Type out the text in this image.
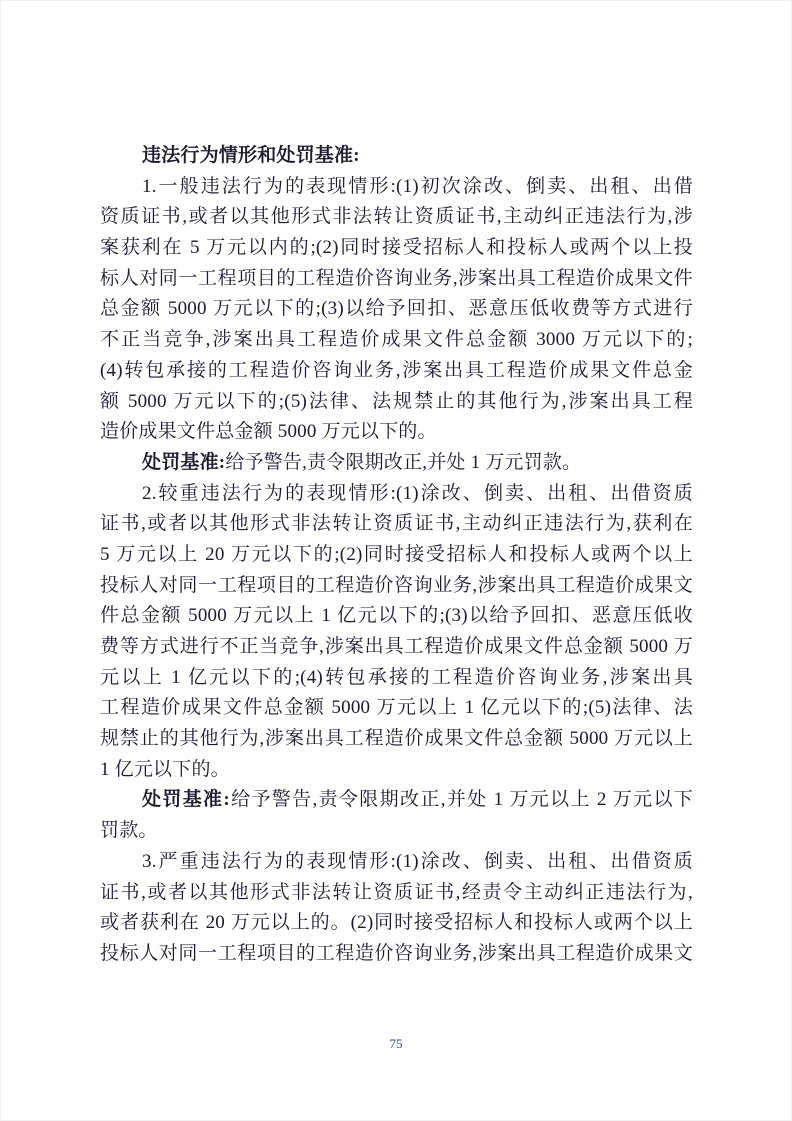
违法行为情形和处罚基准:
1.一般违法行为的表现情形:(1)初次涂改、倒卖、出租、出借
资质证书,或者以其他形式非法转让资质证书,主动纠正违法行为,涉
案获利在 5 万元以内的;(2)同时接受招标人和投标人或两个以上投
标人对同一工程项目的工程造价咨询业务,涉案出具工程造价成果文件
总金额 5000 万元以下的;(3)以给予回扣、恶意压低收费等方式进行
不正当竞争,涉案出具工程造价成果文件总金额 3000 万元以下的;
(4)转包承接的工程造价咨询业务,涉案出具工程造价成果文件总金
额 5000 万元以下的;(5)法律、法规禁止的其他行为,涉案出具工程
造价成果文件总金额 5000 万元以下的。
处罚基准:给予警告,责令限期改正,并处 1 万元罚款。
2.较重违法行为的表现情形:(1)涂改、倒卖、出租、出借资质
证书,或者以其他形式非法转让资质证书,主动纠正违法行为,获利在
5 万元以上 20 万元以下的;(2)同时接受招标人和投标人或两个以上
投标人对同一工程项目的工程造价咨询业务,涉案出具工程造价成果文
件总金额 5000 万元以上 1 亿元以下的;(3)以给予回扣、恶意压低收
费等方式进行不正当竞争,涉案出具工程造价成果文件总金额 5000 万
元以上 1 亿元以下的;(4)转包承接的工程造价咨询业务,涉案出具
工程造价成果文件总金额 5000 万元以上 1 亿元以下的;(5)法律、法
规禁止的其他行为,涉案出具工程造价成果文件总金额 5000 万元以上
1 亿元以下的。
处罚基准:给予警告,责令限期改正,并处 1 万元以上 2 万元以下
罚款。
3.严重违法行为的表现情形:(1)涂改、倒卖、出租、出借资质
证书,或者以其他形式非法转让资质证书,经责令主动纠正违法行为,
或者获利在 20 万元以上的。(2)同时接受招标人和投标人或两个以上
投标人对同一工程项目的工程造价咨询业务,涉案出具工程造价成果文
75
